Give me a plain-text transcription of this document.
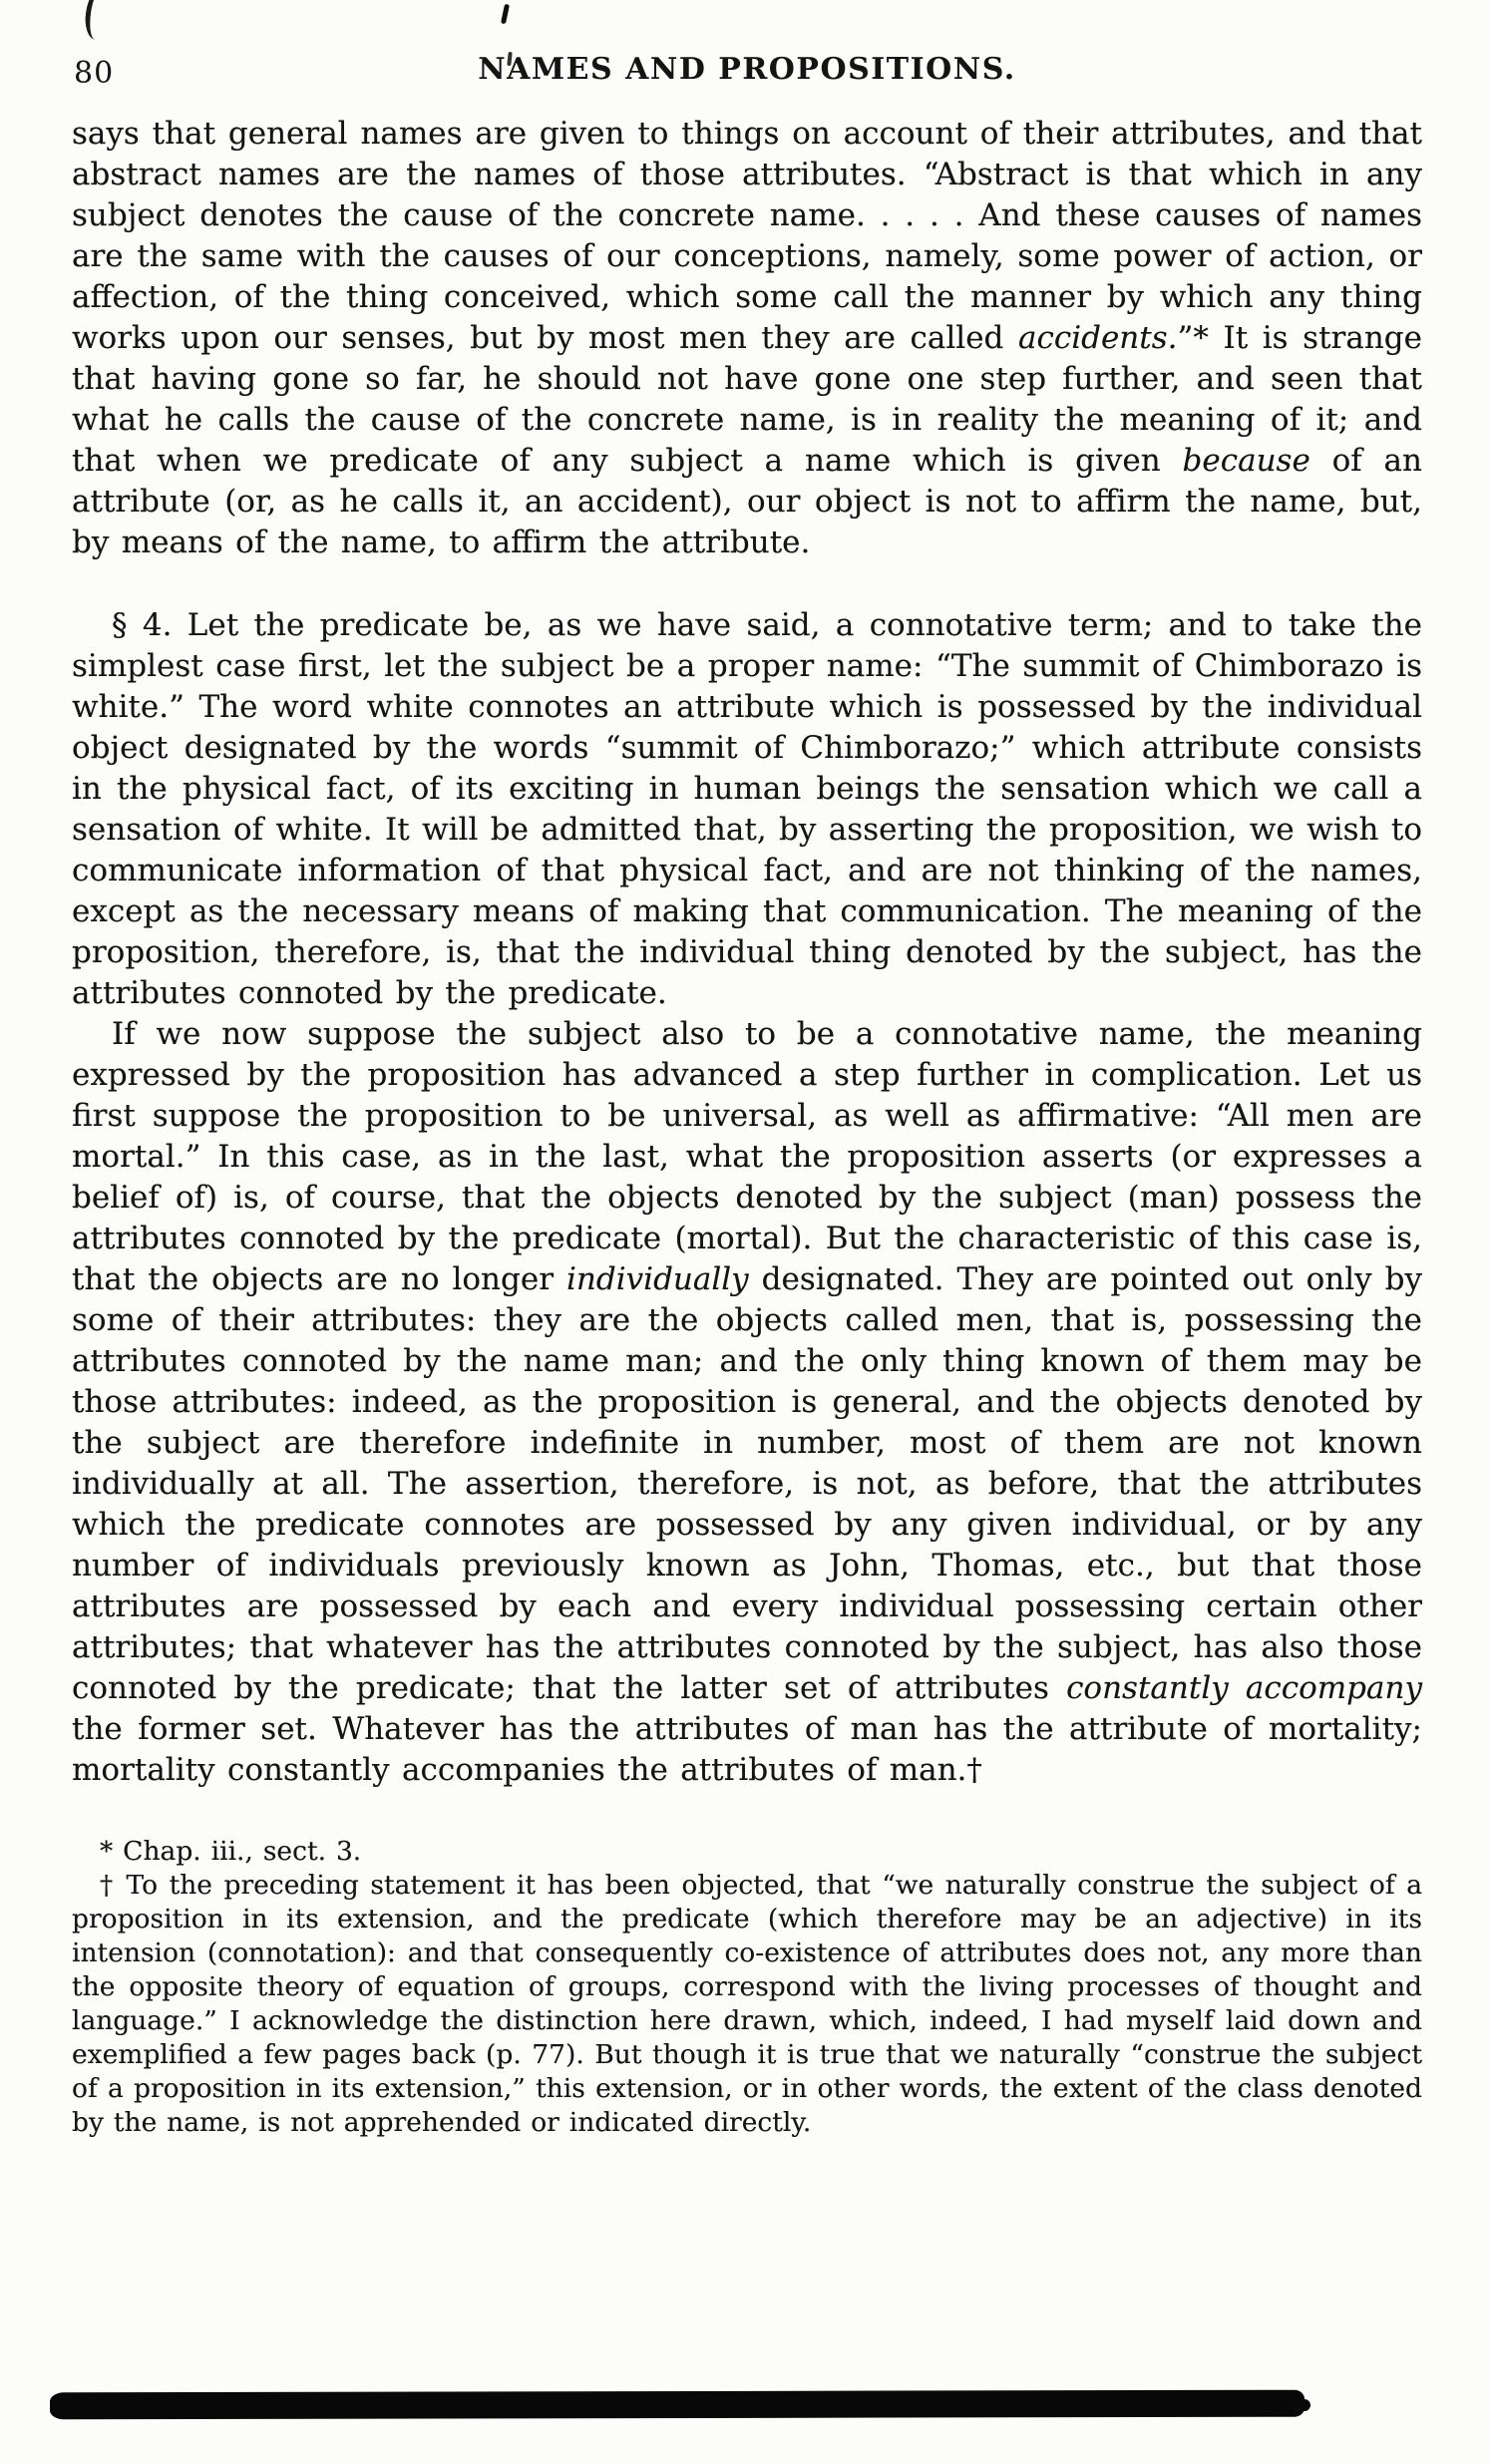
80	NAMES AND PROPOSITIONS.

says that general names are given to things on account of their attributes, and that abstract names are the names of those attributes. “Abstract is that which in any subject denotes the cause of the concrete name. . . . . And these causes of names are the same with the causes of our conceptions, namely, some power of action, or affection, of the thing conceived, which some call the manner by which any thing works upon our senses, but by most men they are called accidents.”* It is strange that having gone so far, he should not have gone one step further, and seen that what he calls the cause of the concrete name, is in reality the meaning of it; and that when we predicate of any subject a name which is given because of an attribute (or, as he calls it, an accident), our object is not to affirm the name, but, by means of the name, to affirm the attribute.

§ 4. Let the predicate be, as we have said, a connotative term; and to take the simplest case first, let the subject be a proper name: “The summit of Chimborazo is white.” The word white connotes an attribute which is possessed by the individual object designated by the words “summit of Chimborazo;” which attribute consists in the physical fact, of its exciting in human beings the sensation which we call a sensation of white. It will be admitted that, by asserting the proposition, we wish to communicate information of that physical fact, and are not thinking of the names, except as the necessary means of making that communication. The meaning of the proposition, therefore, is, that the individual thing denoted by the subject, has the attributes connoted by the predicate.

If we now suppose the subject also to be a connotative name, the meaning expressed by the proposition has advanced a step further in complication. Let us first suppose the proposition to be universal, as well as affirmative: “All men are mortal.” In this case, as in the last, what the proposition asserts (or expresses a belief of) is, of course, that the objects denoted by the subject (man) possess the attributes connoted by the predicate (mortal). But the characteristic of this case is, that the objects are no longer individually designated. They are pointed out only by some of their attributes: they are the objects called men, that is, possessing the attributes connoted by the name man; and the only thing known of them may be those attributes: indeed, as the proposition is general, and the objects denoted by the subject are therefore indefinite in number, most of them are not known individually at all. The assertion, therefore, is not, as before, that the attributes which the predicate connotes are possessed by any given individual, or by any number of individuals previously known as John, Thomas, etc., but that those attributes are possessed by each and every individual possessing certain other attributes; that whatever has the attributes connoted by the subject, has also those connoted by the predicate; that the latter set of attributes constantly accompany the former set. Whatever has the attributes of man has the attribute of mortality; mortality constantly accompanies the attributes of man.†

* Chap. iii., sect. 3.

† To the preceding statement it has been objected, that “we naturally construe the subject of a proposition in its extension, and the predicate (which therefore may be an adjective) in its intension (connotation): and that consequently co-existence of attributes does not, any more than the opposite theory of equation of groups, correspond with the living processes of thought and language.” I acknowledge the distinction here drawn, which, indeed, I had myself laid down and exemplified a few pages back (p. 77). But though it is true that we naturally “construe the subject of a proposition in its extension,” this extension, or in other words, the extent of the class denoted by the name, is not apprehended or indicated directly.
